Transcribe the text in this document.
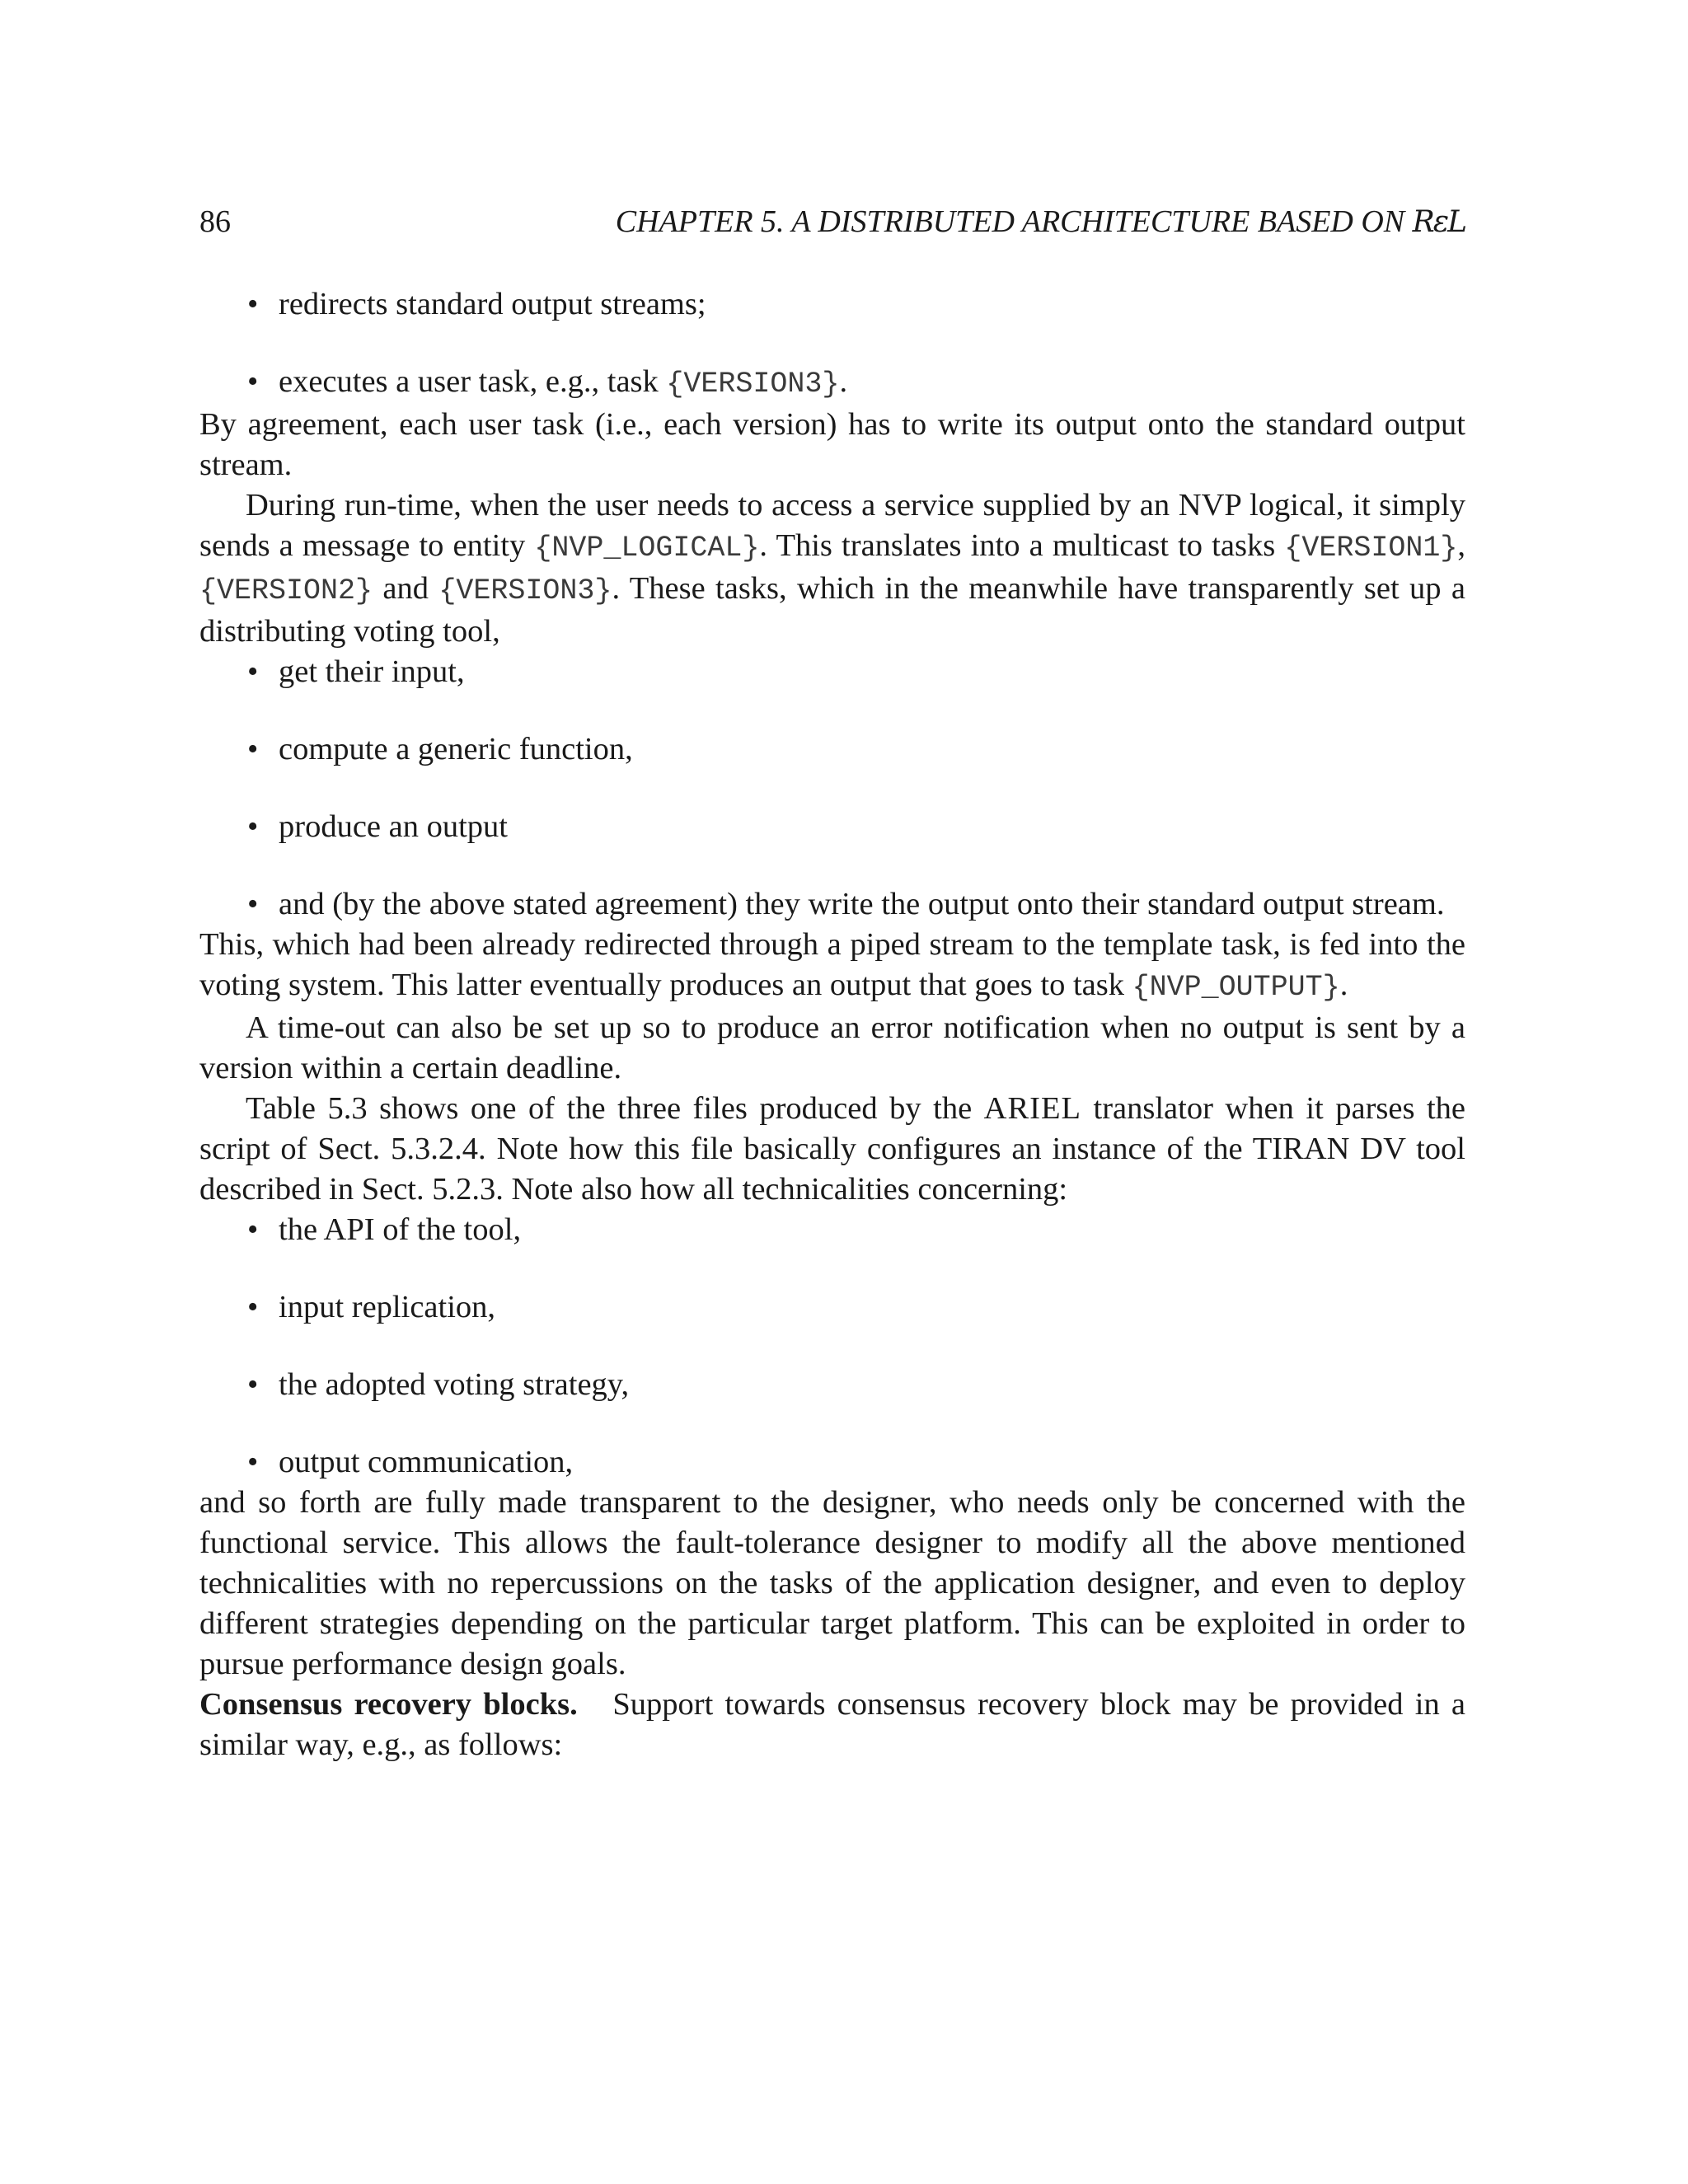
86	CHAPTER 5. A DISTRIBUTED ARCHITECTURE BASED ON RεL
• redirects standard output streams;
• executes a user task, e.g., task {VERSION3}.

By agreement, each user task (i.e., each version) has to write its output onto the standard output stream.

During run-time, when the user needs to access a service supplied by an NVP logical, it simply sends a message to entity {NVP_LOGICAL}. This translates into a multicast to tasks {VERSION1}, {VERSION2} and {VERSION3}. These tasks, which in the meanwhile have transparently set up a distributing voting tool,

• get their input,
• compute a generic function,
• produce an output
• and (by the above stated agreement) they write the output onto their standard output stream.

This, which had been already redirected through a piped stream to the template task, is fed into the voting system. This latter eventually produces an output that goes to task {NVP_OUTPUT}.

A time-out can also be set up so to produce an error notification when no output is sent by a version within a certain deadline.

Table 5.3 shows one of the three files produced by the ARIEL translator when it parses the script of Sect. 5.3.2.4. Note how this file basically configures an instance of the TIRAN DV tool described in Sect. 5.2.3. Note also how all technicalities concerning:

• the API of the tool,
• input replication,
• the adopted voting strategy,
• output communication,

and so forth are fully made transparent to the designer, who needs only be concerned with the functional service. This allows the fault-tolerance designer to modify all the above mentioned technicalities with no repercussions on the tasks of the application designer, and even to deploy different strategies depending on the particular target platform. This can be exploited in order to pursue performance design goals.

Consensus recovery blocks.   Support towards consensus recovery block may be provided in a similar way, e.g., as follows:
